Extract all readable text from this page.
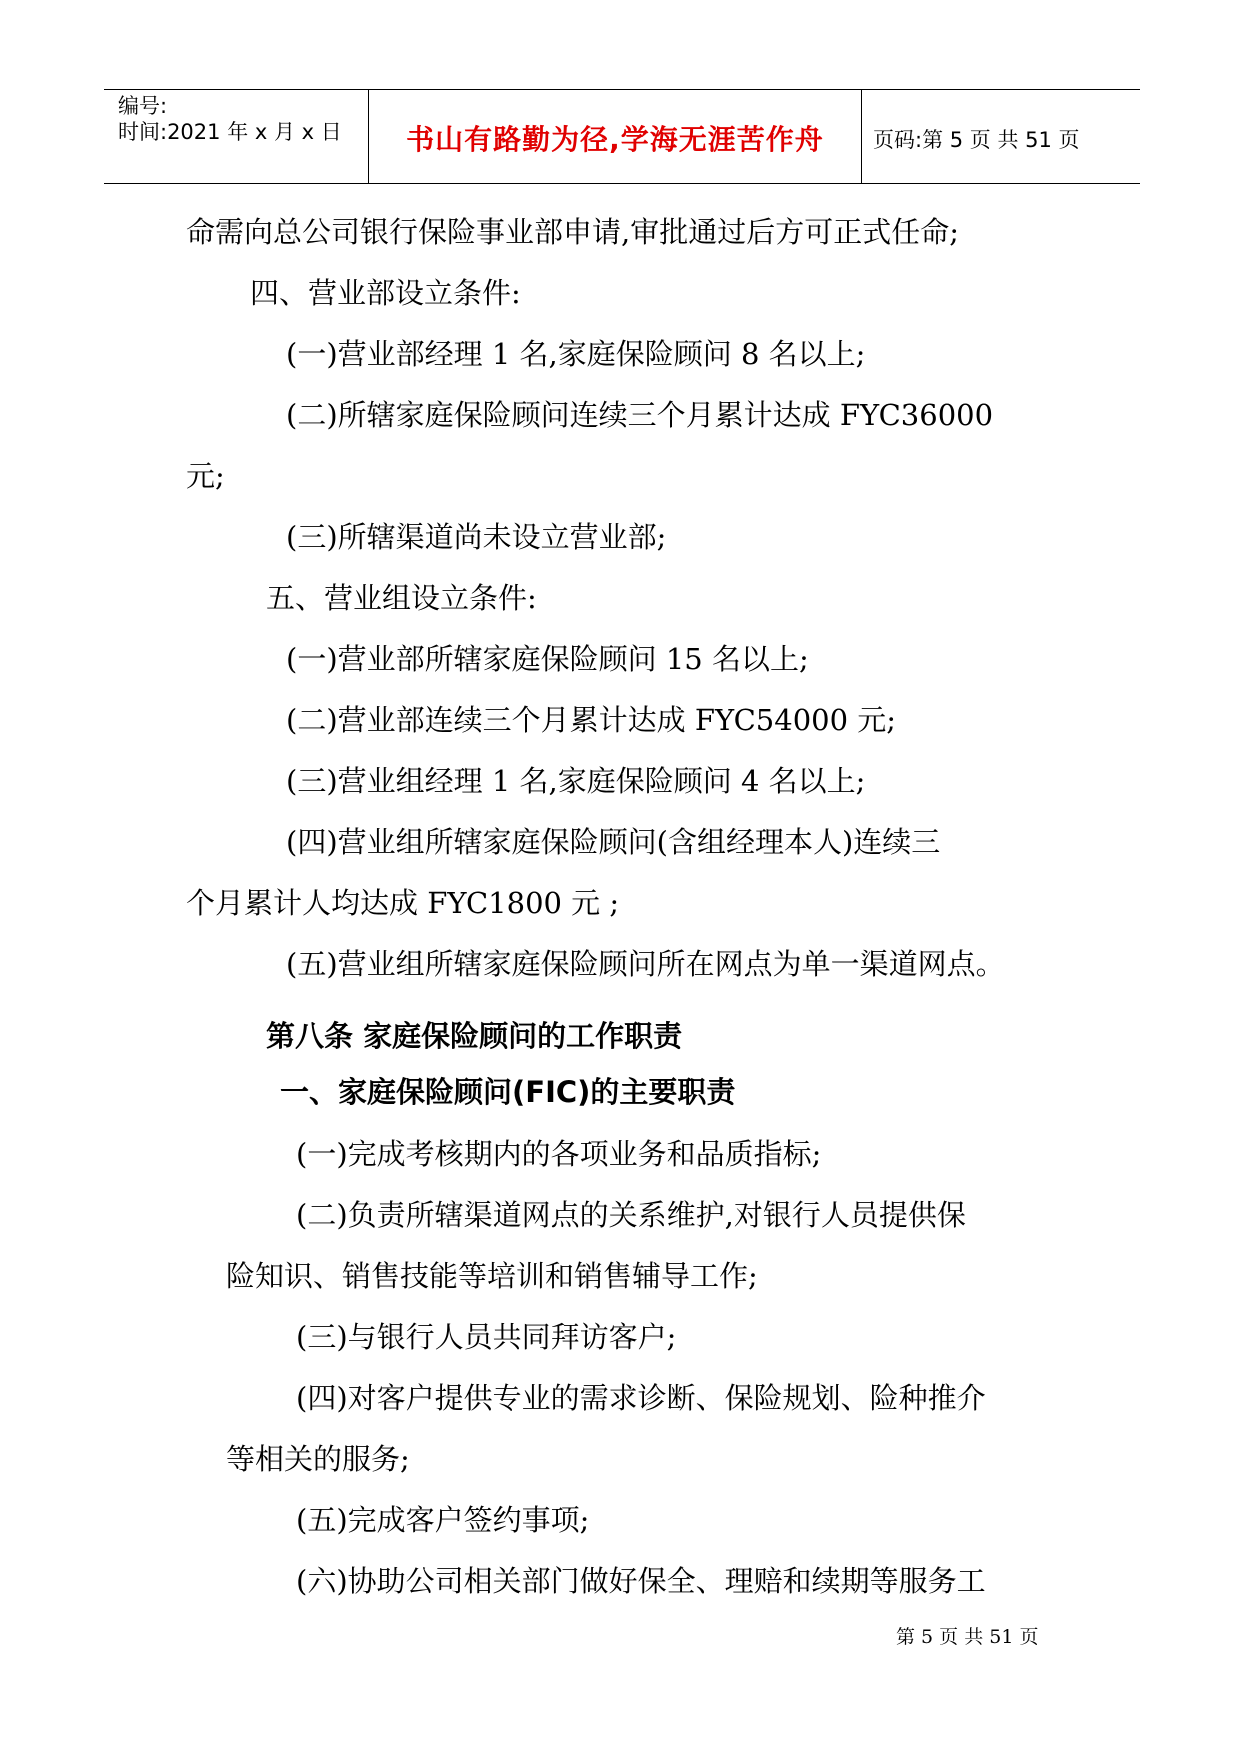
编号:
时间:2021 年 x 月 x 日	书山有路勤为径,学海无涯苦作舟	页码:第 5 页 共 51 页
命需向总公司银行保险事业部申请,审批通过后方可正式任命;
四、营业部设立条件:
(一)营业部经理 1 名,家庭保险顾问 8 名以上;
(二)所辖家庭保险顾问连续三个月累计达成 FYC36000
元;
(三)所辖渠道尚未设立营业部;
五、营业组设立条件:
(一)营业部所辖家庭保险顾问 15 名以上;
(二)营业部连续三个月累计达成 FYC54000 元;
(三)营业组经理 1 名,家庭保险顾问 4 名以上;
(四)营业组所辖家庭保险顾问(含组经理本人)连续三
个月累计人均达成 FYC1800 元 ;
(五)营业组所辖家庭保险顾问所在网点为单一渠道网点。
第八条 家庭保险顾问的工作职责
一、家庭保险顾问(FIC)的主要职责
(一)完成考核期内的各项业务和品质指标;
(二)负责所辖渠道网点的关系维护,对银行人员提供保
险知识、销售技能等培训和销售辅导工作;
(三)与银行人员共同拜访客户;
(四)对客户提供专业的需求诊断、保险规划、险种推介
等相关的服务;
(五)完成客户签约事项;
(六)协助公司相关部门做好保全、理赔和续期等服务工
第 5 页 共 51 页
